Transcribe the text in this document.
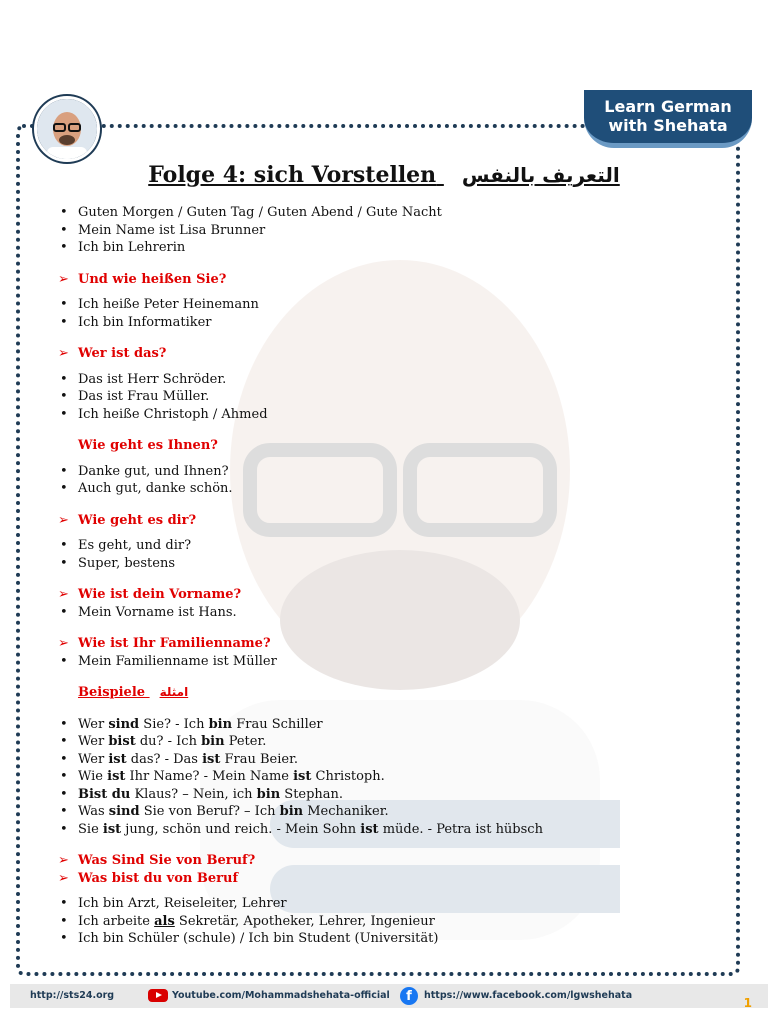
Learn German
with Shehata
Folge 4: sich Vorstellen التعريف بالنفس
• Guten Morgen / Guten Tag / Guten Abend / Gute Nacht
• Mein Name ist Lisa Brunner
• Ich bin Lehrerin
➢ Und wie heißen Sie?
• Ich heiße Peter Heinemann
• Ich bin Informatiker
➢ Wer ist das?
• Das ist Herr Schröder.
• Das ist Frau Müller.
• Ich heiße Christoph / Ahmed
Wie geht es Ihnen?
• Danke gut, und Ihnen?
• Auch gut, danke schön.
➢ Wie geht es dir?
• Es geht, und dir?
• Super, bestens
➢ Wie ist dein Vorname?
• Mein Vorname ist Hans.
➢ Wie ist Ihr Familienname?
• Mein Familienname ist Müller
Beispiele امثلة
• Wer sind Sie? - Ich bin Frau Schiller
• Wer bist du? - Ich bin Peter.
• Wer ist das? - Das ist Frau Beier.
• Wie ist Ihr Name? - Mein Name ist Christoph.
• Bist du Klaus? – Nein, ich bin Stephan.
• Was sind Sie von Beruf? – Ich bin Mechaniker.
• Sie ist jung, schön und reich. - Mein Sohn ist müde. - Petra ist hübsch
➢ Was Sind Sie von Beruf?
➢ Was bist du von Beruf
• Ich bin Arzt, Reiseleiter, Lehrer
• Ich arbeite als Sekretär, Apotheker, Lehrer, Ingenieur
• Ich bin Schüler (schule) / Ich bin Student (Universität)
http://sts24.org	Youtube.com/Mohammadshehata-official	f	https://www.facebook.com/lgwshehata
1
